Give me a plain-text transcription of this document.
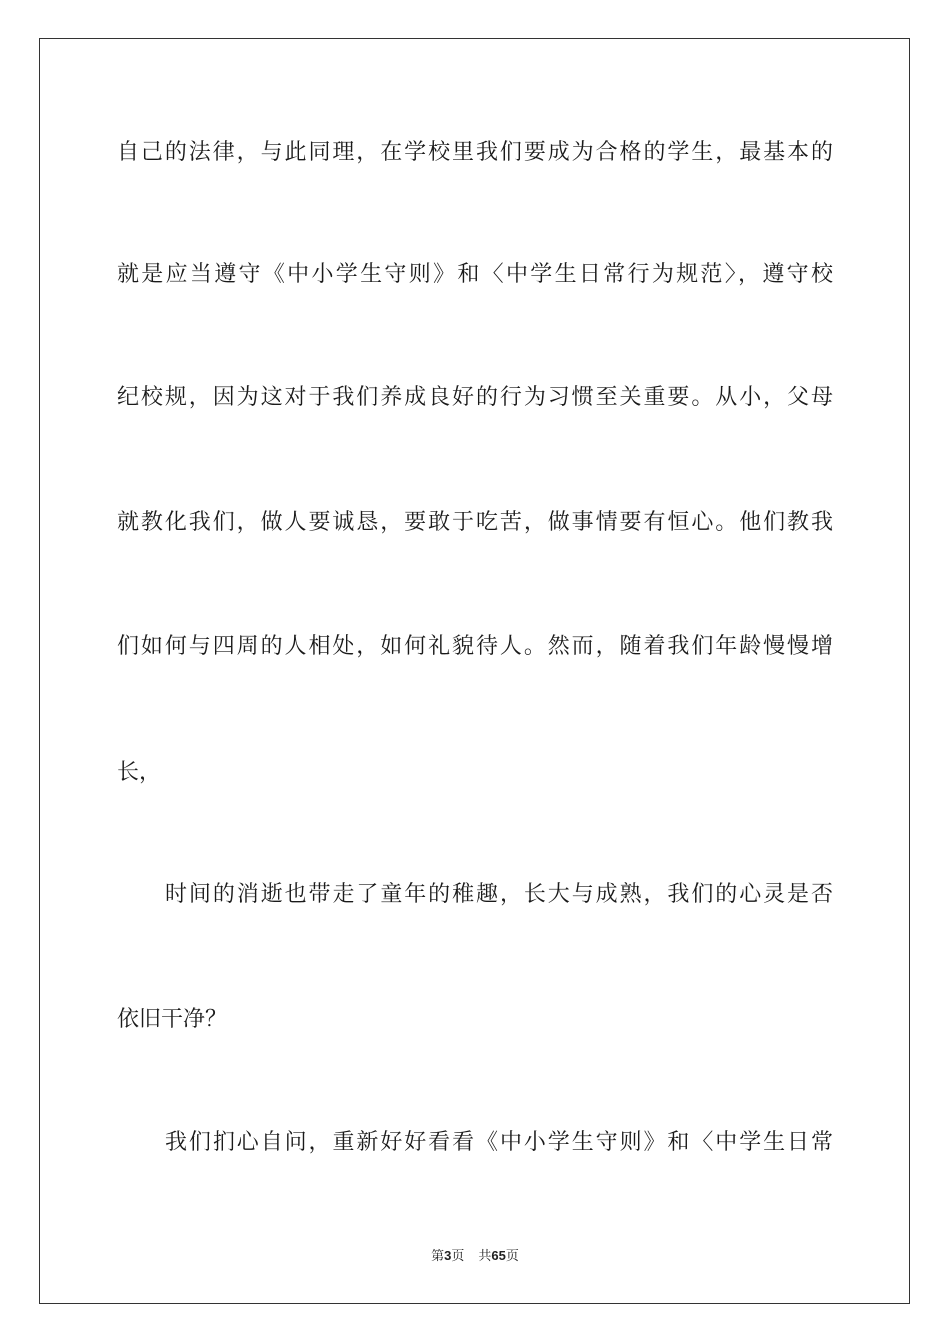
自己的法律，与此同理，在学校里我们要成为合格的学生，最基本的
就是应当遵守《中小学生守则》和〈中学生日常行为规范〉，遵守校
纪校规，因为这对于我们养成良好的行为习惯至关重要。从小，父母
就教化我们，做人要诚恳，要敢于吃苦，做事情要有恒心。他们教我
们如何与四周的人相处，如何礼貌待人。然而，随着我们年龄慢慢增
长，
时间的消逝也带走了童年的稚趣，长大与成熟，我们的心灵是否
依旧干净？
我们扪心自问，重新好好看看《中小学生守则》和〈中学生日常
第3页 共65页
